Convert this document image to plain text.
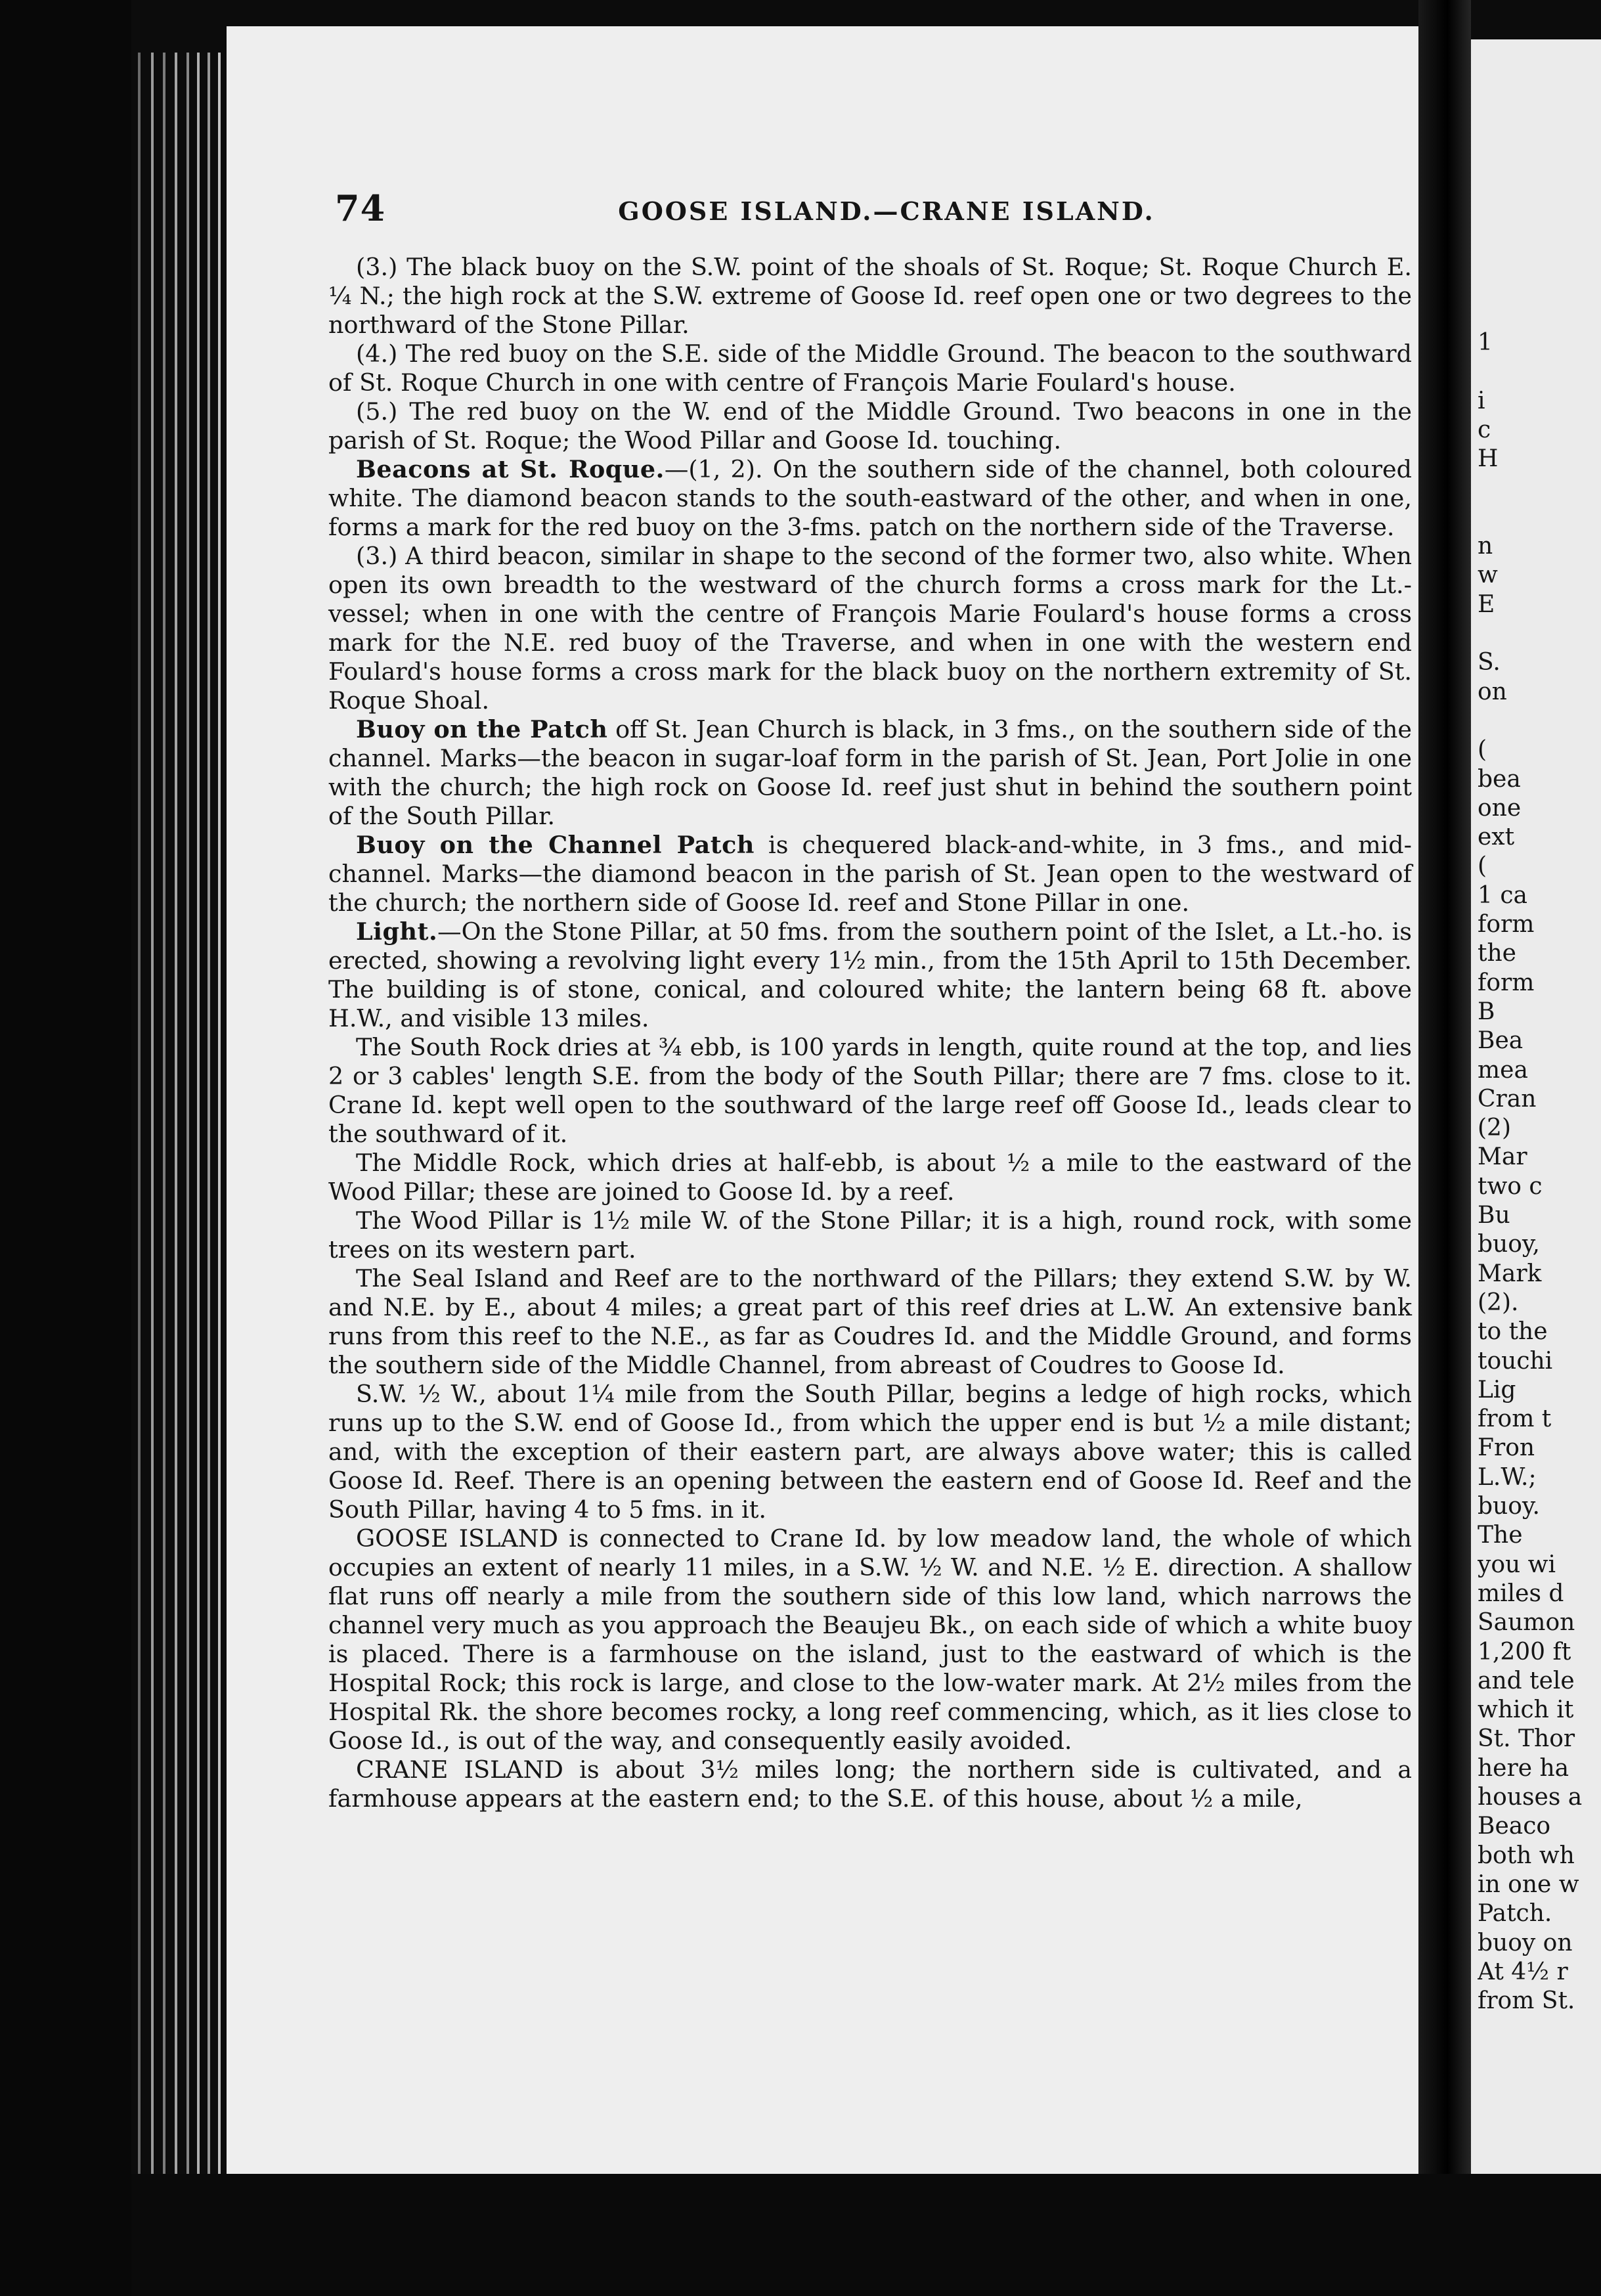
74	GOOSE ISLAND.—CRANE ISLAND.

(3.) The black buoy on the S.W. point of the shoals of St. Roque; St. Roque Church E. ¼ N.; the high rock at the S.W. extreme of Goose Id. reef open one or two degrees to the northward of the Stone Pillar.

(4.) The red buoy on the S.E. side of the Middle Ground. The beacon to the southward of St. Roque Church in one with centre of François Marie Foulard's house.

(5.) The red buoy on the W. end of the Middle Ground. Two beacons in one in the parish of St. Roque; the Wood Pillar and Goose Id. touching.

Beacons at St. Roque.—(1, 2). On the southern side of the channel, both coloured white. The diamond beacon stands to the south-eastward of the other, and when in one, forms a mark for the red buoy on the 3-fms. patch on the northern side of the Traverse.

(3.) A third beacon, similar in shape to the second of the former two, also white. When open its own breadth to the westward of the church forms a cross mark for the Lt.-vessel; when in one with the centre of François Marie Foulard's house forms a cross mark for the N.E. red buoy of the Traverse, and when in one with the western end Foulard's house forms a cross mark for the black buoy on the northern extremity of St. Roque Shoal.

Buoy on the Patch off St. Jean Church is black, in 3 fms., on the southern side of the channel. Marks—the beacon in sugar-loaf form in the parish of St. Jean, Port Jolie in one with the church; the high rock on Goose Id. reef just shut in behind the southern point of the South Pillar.

Buoy on the Channel Patch is chequered black-and-white, in 3 fms., and mid-channel. Marks—the diamond beacon in the parish of St. Jean open to the westward of the church; the northern side of Goose Id. reef and Stone Pillar in one.

Light.—On the Stone Pillar, at 50 fms. from the southern point of the Islet, a Lt.-ho. is erected, showing a revolving light every 1½ min., from the 15th April to 15th December. The building is of stone, conical, and coloured white; the lantern being 68 ft. above H.W., and visible 13 miles.

The South Rock dries at ¾ ebb, is 100 yards in length, quite round at the top, and lies 2 or 3 cables' length S.E. from the body of the South Pillar; there are 7 fms. close to it. Crane Id. kept well open to the southward of the large reef off Goose Id., leads clear to the southward of it.

The Middle Rock, which dries at half-ebb, is about ½ a mile to the eastward of the Wood Pillar; these are joined to Goose Id. by a reef.

The Wood Pillar is 1½ mile W. of the Stone Pillar; it is a high, round rock, with some trees on its western part.

The Seal Island and Reef are to the northward of the Pillars; they extend S.W. by W. and N.E. by E., about 4 miles; a great part of this reef dries at L.W. An extensive bank runs from this reef to the N.E., as far as Coudres Id. and the Middle Ground, and forms the southern side of the Middle Channel, from abreast of Coudres to Goose Id.

S.W. ½ W., about 1¼ mile from the South Pillar, begins a ledge of high rocks, which runs up to the S.W. end of Goose Id., from which the upper end is but ½ a mile distant; and, with the exception of their eastern part, are always above water; this is called Goose Id. Reef. There is an opening between the eastern end of Goose Id. Reef and the South Pillar, having 4 to 5 fms. in it.

GOOSE ISLAND is connected to Crane Id. by low meadow land, the whole of which occupies an extent of nearly 11 miles, in a S.W. ½ W. and N.E. ½ E. direction. A shallow flat runs off nearly a mile from the southern side of this low land, which narrows the channel very much as you approach the Beaujeu Bk., on each side of which a white buoy is placed. There is a farmhouse on the island, just to the eastward of which is the Hospital Rock; this rock is large, and close to the low-water mark. At 2½ miles from the Hospital Rk. the shore becomes rocky, a long reef commencing, which, as it lies close to Goose Id., is out of the way, and consequently easily avoided.

CRANE ISLAND is about 3½ miles long; the northern side is cultivated, and a farmhouse appears at the eastern end; to the S.E. of this house, about ½ a mile,

1
i
c
H
n
w
E
S.
on
(
bea
one
ext
(
1 ca
form
the
form
B
Bea
mea
Cran
(2)
Mar
two c
Bu
buoy,
Mark
(2).
to the
touchi
Lig
from t
Fron
L.W.;
buoy.
The
you wi
miles d
Saumon
1,200 ft
and tele
which it
St. Thor
here ha
houses a
Beaco
both wh
in one w
Patch.
buoy on
At 4½ r
from St.
